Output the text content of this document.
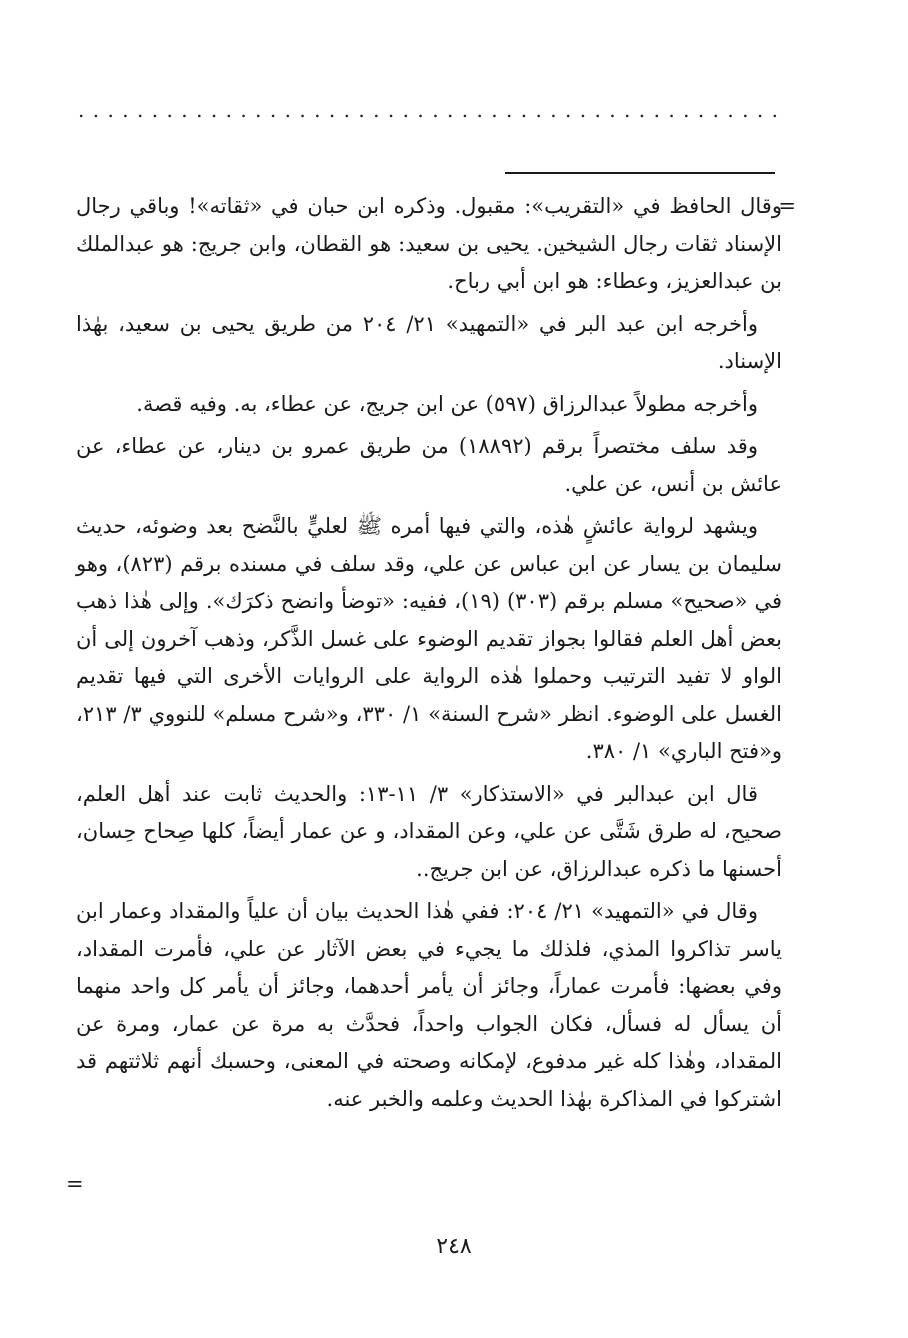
. . . . . . . . . . . . . . . . . . . . . . . . . . . . . . . . . . . . . . . . . . . . . . . .
=

وقال الحافظ في «التقريب»: مقبول. وذكره ابن حبان في «ثقاته»! وباقي رجال الإسناد ثقات رجال الشيخين. يحيى بن سعيد: هو القطان، وابن جريج: هو عبدالملك بن عبدالعزيز، وعطاء: هو ابن أبي رباح.

وأخرجه ابن عبد البر في «التمهيد» ٢١/ ٢٠٤ من طريق يحيى بن سعيد، بهٰذا الإسناد.

وأخرجه مطولاً عبدالرزاق (٥٩٧) عن ابن جريج، عن عطاء، به. وفيه قصة.

وقد سلف مختصراً برقم (١٨٨٩٢) من طريق عمرو بن دينار، عن عطاء، عن عائش بن أنس، عن علي.

ويشهد لرواية عائشٍ هٰذه، والتي فيها أمره ﷺ لعليٍّ بالنَّضح بعد وضوئه، حديث سليمان بن يسار عن ابن عباس عن علي، وقد سلف في مسنده برقم (٨٢٣)، وهو في «صحيح» مسلم برقم (٣٠٣) (١٩)، ففيه: «توضأ وانضح ذكرَك». وإلى هٰذا ذهب بعض أهل العلم فقالوا بجواز تقديم الوضوء على غسل الذَّكر، وذهب آخرون إلى أن الواو لا تفيد الترتيب وحملوا هٰذه الرواية على الروايات الأخرى التي فيها تقديم الغسل على الوضوء. انظر «شرح السنة» ١/ ٣٣٠، و«شرح مسلم» للنووي ٣/ ٢١٣، و«فتح الباري» ١/ ٣٨٠.

قال ابن عبدالبر في «الاستذكار» ٣/ ١١-١٣: والحديث ثابت عند أهل العلم، صحيح، له طرق شَتَّى عن علي، وعن المقداد، و عن عمار أيضاً، كلها صِحاح حِسان، أحسنها ما ذكره عبدالرزاق، عن ابن جريج..

وقال في «التمهيد» ٢١/ ٢٠٤: ففي هٰذا الحديث بيان أن علياً والمقداد وعمار ابن ياسر تذاكروا المذي، فلذلك ما يجيء في بعض الآثار عن علي، فأمرت المقداد، وفي بعضها: فأمرت عماراً، وجائز أن يأمر أحدهما، وجائز أن يأمر كل واحد منهما أن يسأل له فسأل، فكان الجواب واحداً، فحدَّث به مرة عن عمار، ومرة عن المقداد، وهٰذا كله غير مدفوع، لإمكانه وصحته في المعنى، وحسبك أنهم ثلاثتهم قد اشتركوا في المذاكرة بهٰذا الحديث وعلمه والخبر عنه.

=
٢٤٨
